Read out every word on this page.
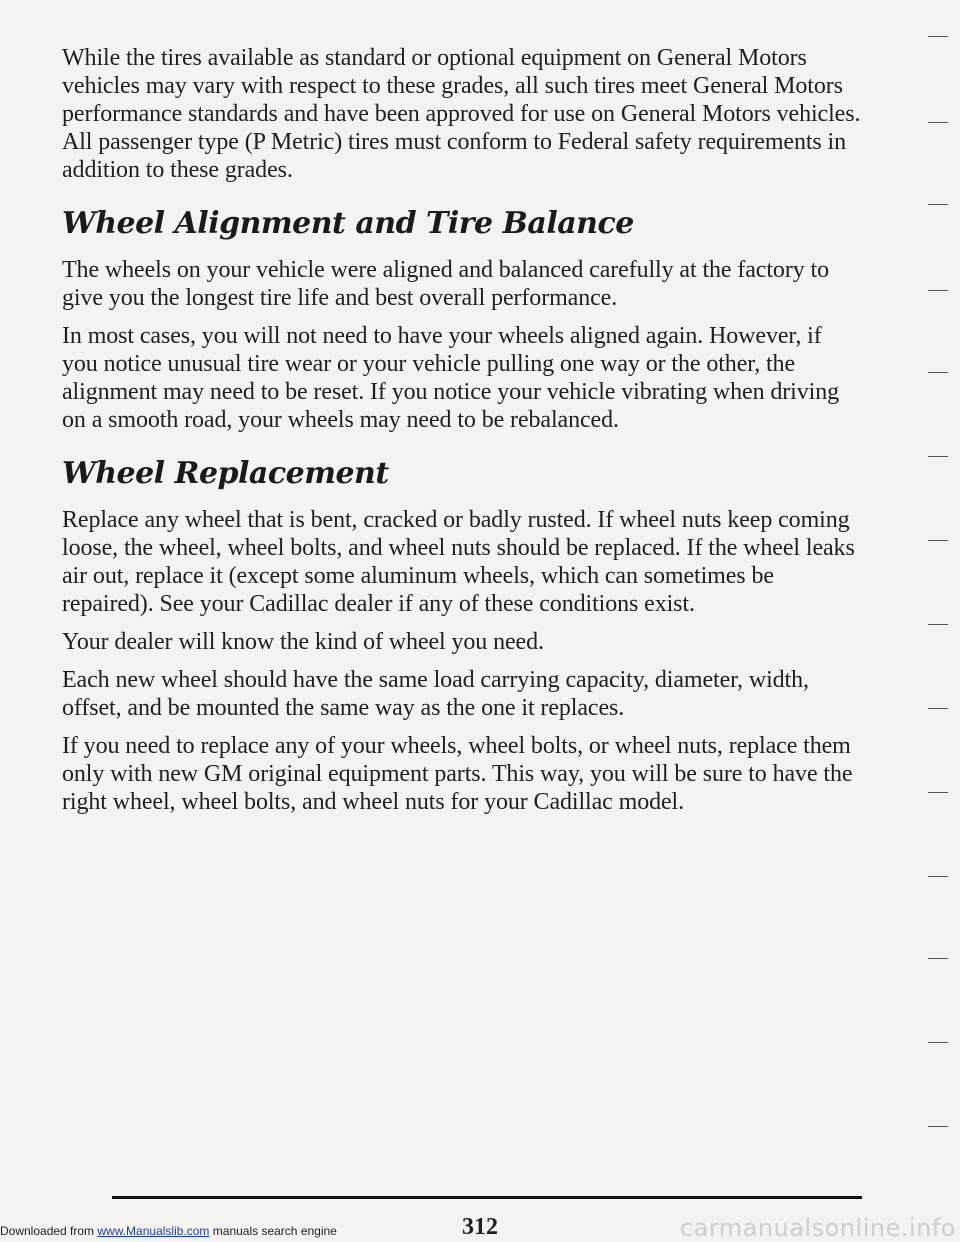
While the tires available as standard or optional equipment on General Motors vehicles may vary with respect to these grades, all such tires meet General Motors performance standards and have been approved for use on General Motors vehicles. All passenger type (P Metric) tires must conform to Federal safety requirements in addition to these grades.

Wheel Alignment and Tire Balance

The wheels on your vehicle were aligned and balanced carefully at the factory to give you the longest tire life and best overall performance.

In most cases, you will not need to have your wheels aligned again. However, if you notice unusual tire wear or your vehicle pulling one way or the other, the alignment may need to be reset. If you notice your vehicle vibrating when driving on a smooth road, your wheels may need to be rebalanced.

Wheel Replacement

Replace any wheel that is bent, cracked or badly rusted. If wheel nuts keep coming loose, the wheel, wheel bolts, and wheel nuts should be replaced. If the wheel leaks air out, replace it (except some aluminum wheels, which can sometimes be repaired). See your Cadillac dealer if any of these conditions exist.

Your dealer will know the kind of wheel you need.

Each new wheel should have the same load carrying capacity, diameter, width, offset, and be mounted the same way as the one it replaces.

If you need to replace any of your wheels, wheel bolts, or wheel nuts, replace them only with new GM original equipment parts. This way, you will be sure to have the right wheel, wheel bolts, and wheel nuts for your Cadillac model.

312
Downloaded from www.Manualslib.com manuals search engine	carmanualsonline.info
